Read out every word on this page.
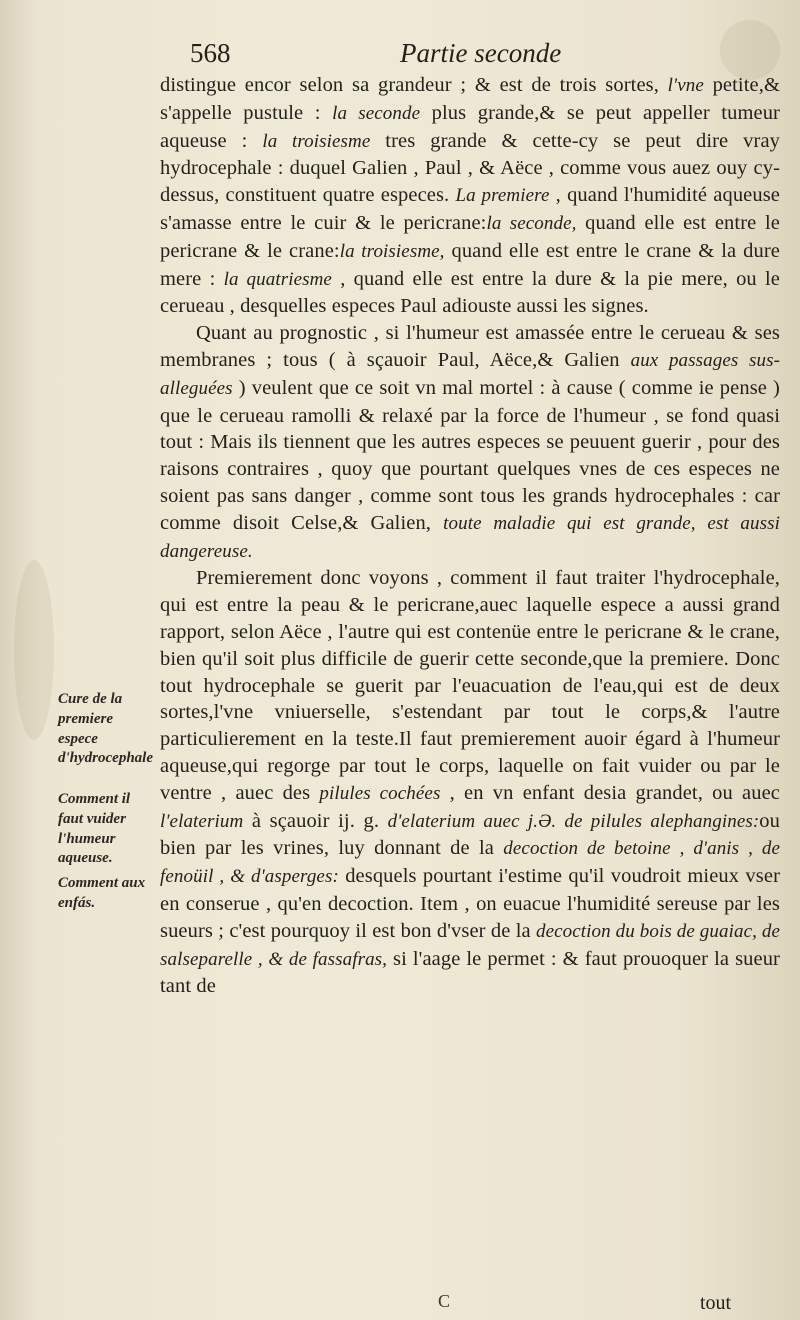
568	Partie seconde

distingue encor selon sa grandeur ; & est de trois sortes, l'vne petite,& s'appelle pustule : la seconde plus grande,& se peut appeller tumeur aqueuse : la troisiesme tres grande & cette-cy se peut dire vray hydrocephale : duquel Galien , Paul , & Aëce , comme vous auez ouy cy-dessus, constituent quatre especes. La premiere , quand l'humidité aqueuse s'amasse entre le cuir & le pericrane:la seconde, quand elle est entre le pericrane & le crane:la troisiesme, quand elle est entre le crane & la dure mere : la quatriesme , quand elle est entre la dure & la pie mere, ou le cerueau , desquelles especes Paul adiouste aussi les signes.

Quant au prognostic , si l'humeur est amassée entre le cerueau & ses membranes ; tous ( à sçauoir Paul, Aëce,& Galien aux passages sus-alleguées ) veulent que ce soit vn mal mortel : à cause ( comme ie pense ) que le cerueau ramolli & relaxé par la force de l'humeur , se fond quasi tout : Mais ils tiennent que les autres especes se peuuent guerir , pour des raisons contraires , quoy que pourtant quelques vnes de ces especes ne soient pas sans danger , comme sont tous les grands hydrocephales : car comme disoit Celse,& Galien, toute maladie qui est grande, est aussi dangereuse.

Premierement donc voyons , comment il faut traiter l'hydrocephale, qui est entre la peau & le pericrane,auec laquelle espece a aussi grand rapport, selon Aëce , l'autre qui est contenüe entre le pericrane & le crane, bien qu'il soit plus difficile de guerir cette seconde,que la premiere. Donc tout hydrocephale se guerit par l'euacuation de l'eau,qui est de deux sortes,l'vne vniuerselle, s'estendant par tout le corps,& l'autre particulierement en la teste.Il faut premierement auoir égard à l'humeur aqueuse,qui regorge par tout le corps, laquelle on fait vuider ou par le ventre , auec des pilules cochées , en vn enfant desia grandet, ou auec l'elaterium à sçauoir ij. g. d'elaterium auec j.Ə. de pilules alephangines:ou bien par les vrines, luy donnant de la decoction de betoine , d'anis , de fenoüil , & d'asperges: desquels pourtant i'estime qu'il voudroit mieux vser en conserue , qu'en decoction. Item , on euacue l'humidité sereuse par les sueurs ; c'est pourquoy il est bon d'vser de la decoction du bois de guaiac, de salseparelle , & de fassafras, si l'aage le permet : & faut prouoquer la sueur tant de

Cure de la premiere espece d'hydrocephale
Comment il faut vuider l'humeur aqueuse.
Comment aux enfás.
C	tout
